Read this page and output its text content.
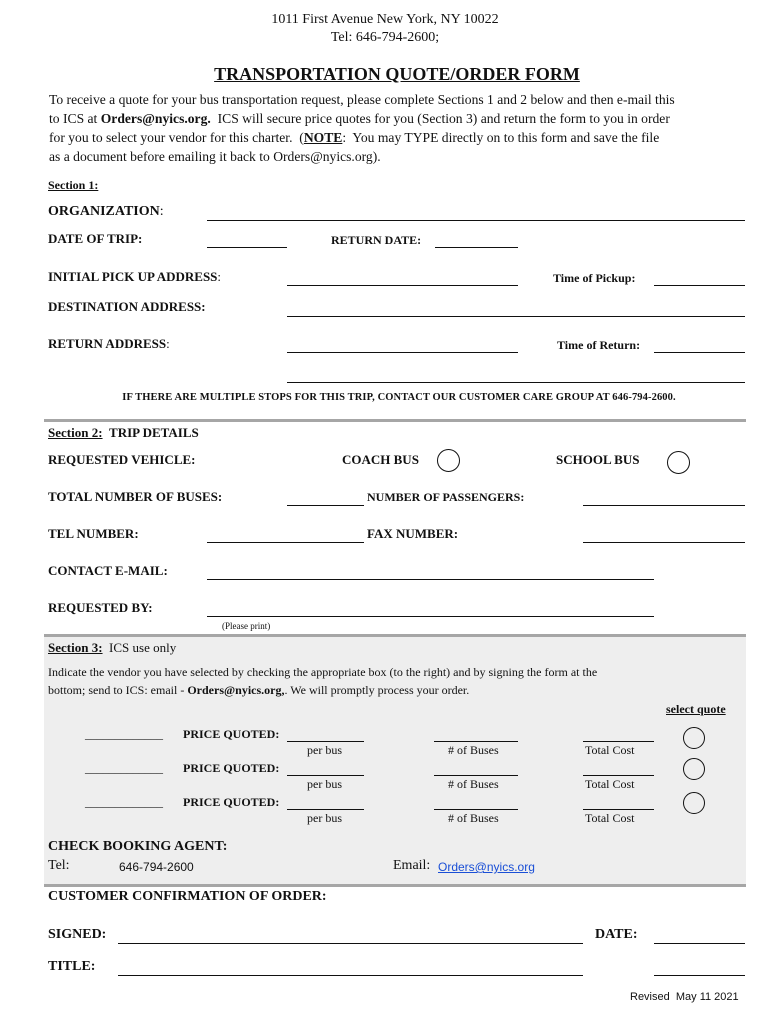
1011 First Avenue New York, NY 10022
Tel: 646-794-2600;
TRANSPORTATION QUOTE/ORDER FORM
To receive a quote for your bus transportation request, please complete Sections 1 and 2 below and then e-mail this
to ICS at Orders@nyics.org.  ICS will secure price quotes for you (Section 3) and return the form to you in order
for you to select your vendor for this charter.  (NOTE:  You may TYPE directly on to this form and save the file
as a document before emailing it back to Orders@nyics.org).
Section 1:
ORGANIZATION:
DATE OF TRIP:	RETURN DATE:
INITIAL PICK UP ADDRESS:	Time of Pickup:
DESTINATION ADDRESS:
RETURN ADDRESS:	Time of Return:
IF THERE ARE MULTIPLE STOPS FOR THIS TRIP, CONTACT OUR CUSTOMER CARE GROUP AT 646-794-2600.
Section 2: TRIP DETAILS
REQUESTED VEHICLE:	COACH BUS	SCHOOL BUS
TOTAL NUMBER OF BUSES:	NUMBER OF PASSENGERS:
TEL NUMBER:	FAX NUMBER:
CONTACT E-MAIL:
REQUESTED BY:
(Please print)
Section 3: ICS use only
Indicate the vendor you have selected by checking the appropriate box (to the right) and by signing the form at the
bottom; send to ICS: email - Orders@nyics.org,. We will promptly process your order.
select quote
_____________ PRICE QUOTED:
per bus	# of Buses	Total Cost
_____________ PRICE QUOTED:
per bus	# of Buses	Total Cost
_____________ PRICE QUOTED:
per bus	# of Buses	Total Cost
CHECK BOOKING AGENT:
Tel:	646-794-2600	Email: Orders@nyics.org
CUSTOMER CONFIRMATION OF ORDER:
SIGNED:	DATE:
TITLE:
Revised  May 11 2021
